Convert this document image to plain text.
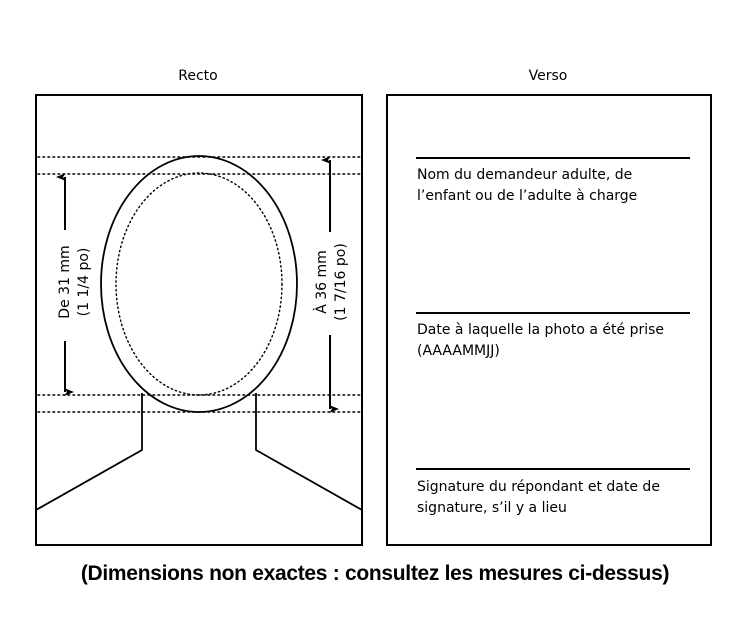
Recto	Verso
De 31 mm (1 1/4 po)	À 36 mm (1 7/16 po)
Nom du demandeur adulte, de
l’enfant ou de l’adulte à charge
Date à laquelle la photo a été prise
(AAAAMMJJ)
Signature du répondant et date de
signature, s’il y a lieu
(Dimensions non exactes : consultez les mesures ci-dessus)
